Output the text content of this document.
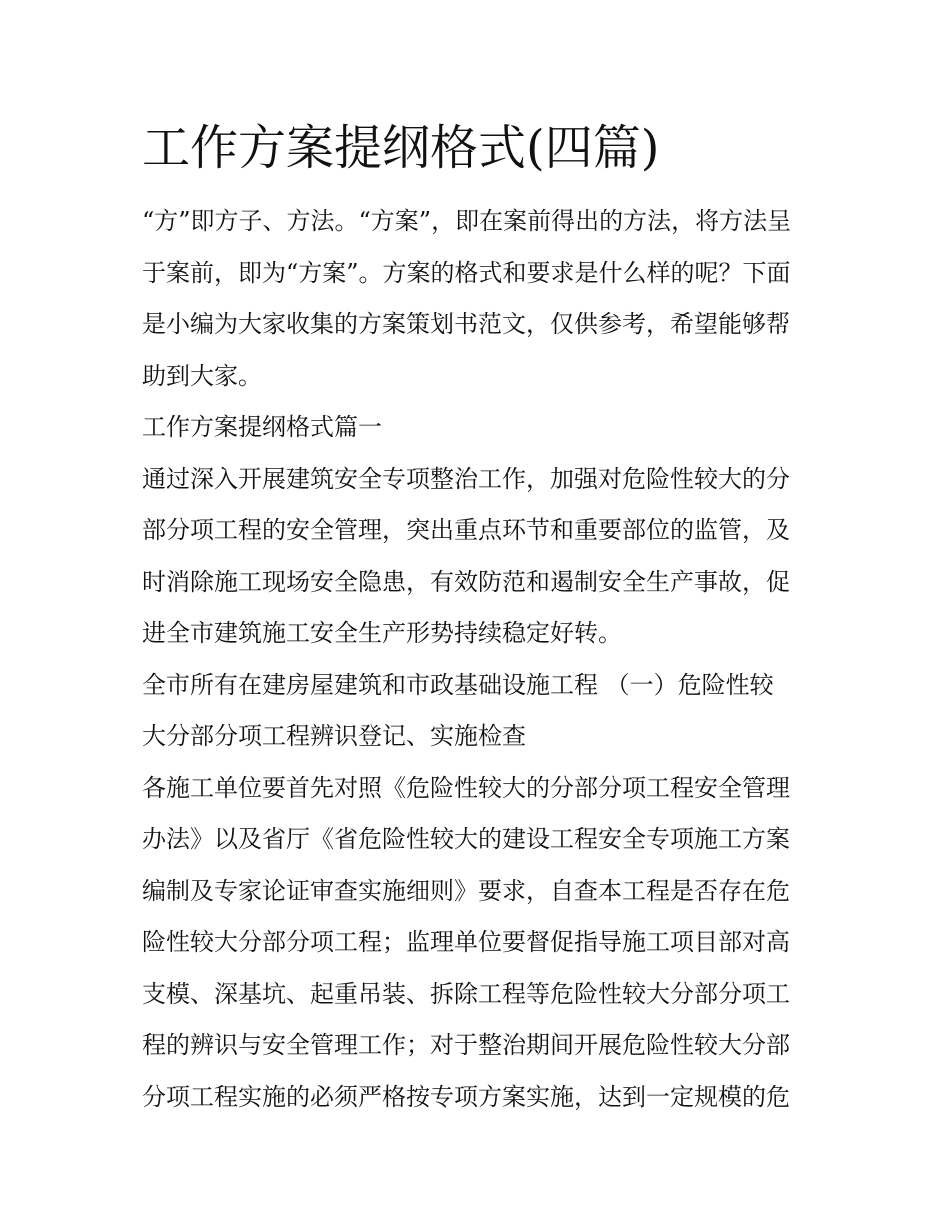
工作方案提纲格式(四篇)
“方”即方子、方法。“方案”，即在案前得出的方法，将方法呈
于案前，即为“方案”。方案的格式和要求是什么样的呢？下面
是小编为大家收集的方案策划书范文，仅供参考，希望能够帮
助到大家。
工作方案提纲格式篇一
通过深入开展建筑安全专项整治工作，加强对危险性较大的分
部分项工程的安全管理，突出重点环节和重要部位的监管，及
时消除施工现场安全隐患，有效防范和遏制安全生产事故，促
进全市建筑施工安全生产形势持续稳定好转。
全市所有在建房屋建筑和市政基础设施工程 （一）危险性较
大分部分项工程辨识登记、实施检查
各施工单位要首先对照《危险性较大的分部分项工程安全管理
办法》以及省厅《省危险性较大的建设工程安全专项施工方案
编制及专家论证审查实施细则》要求，自查本工程是否存在危
险性较大分部分项工程；监理单位要督促指导施工项目部对高
支模、深基坑、起重吊装、拆除工程等危险性较大分部分项工
程的辨识与安全管理工作；对于整治期间开展危险性较大分部
分项工程实施的必须严格按专项方案实施，达到一定规模的危
